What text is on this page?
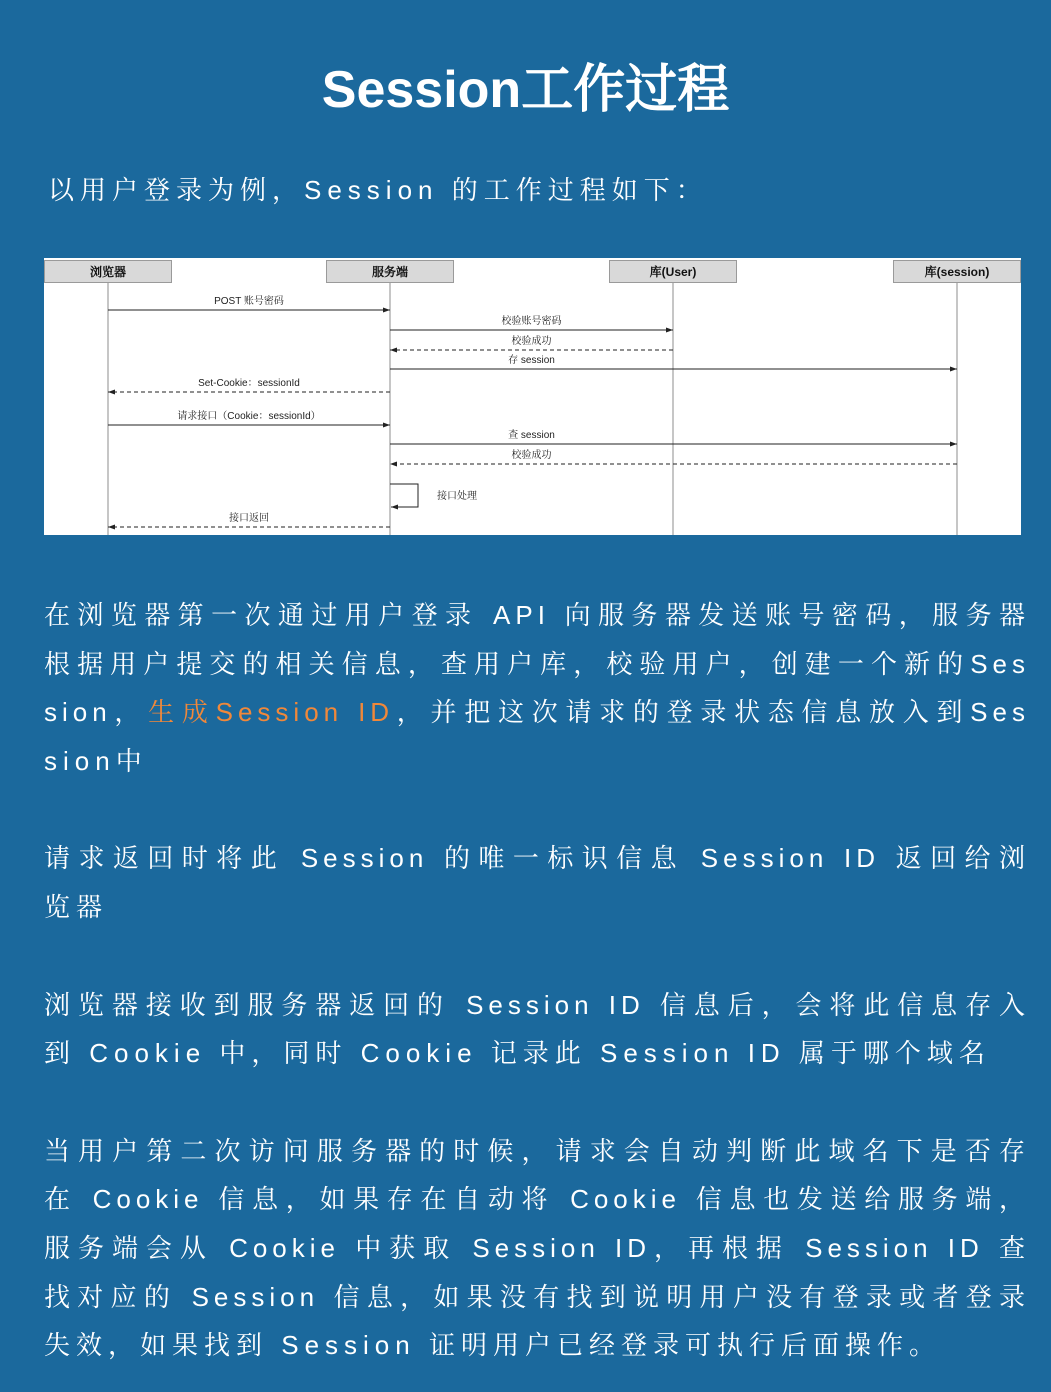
Session工作过程
以用户登录为例，Session 的工作过程如下：
浏览器	服务端	库(User)	库(session)
POST 账号密码
校验账号密码
校验成功
存 session
Set-Cookie：sessionId
请求接口（Cookie：sessionId）
查 session
校验成功
接口处理
接口返回
在浏览器第一次通过用户登录 API 向服务器发送账号密码，服务器
根据用户提交的相关信息，查用户库，校验用户，创建一个新的Ses
sion，生成Session ID，并把这次请求的登录状态信息放入到Ses
sion中
请求返回时将此 Session 的唯一标识信息 Session ID 返回给浏
览器
浏览器接收到服务器返回的 Session ID 信息后，会将此信息存入
到 Cookie 中，同时 Cookie 记录此 Session ID 属于哪个域名
当用户第二次访问服务器的时候，请求会自动判断此域名下是否存
在 Cookie 信息，如果存在自动将 Cookie 信息也发送给服务端，
服务端会从 Cookie 中获取 Session ID，再根据 Session ID 查
找对应的 Session 信息，如果没有找到说明用户没有登录或者登录
失效，如果找到 Session 证明用户已经登录可执行后面操作。
